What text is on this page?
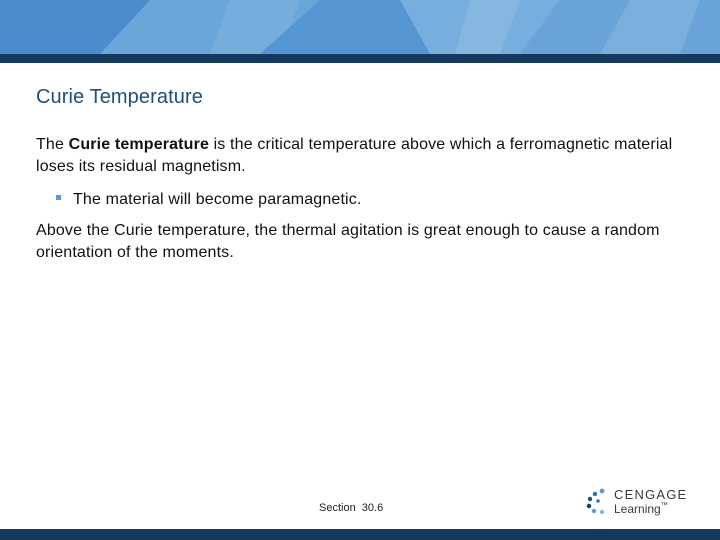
Curie Temperature
The Curie temperature is the critical temperature above which a ferromagnetic material loses its residual magnetism.
The material will become paramagnetic.
Above the Curie temperature, the thermal agitation is great enough to cause a random orientation of the moments.
Section  30.6
CENGAGE
Learning™
